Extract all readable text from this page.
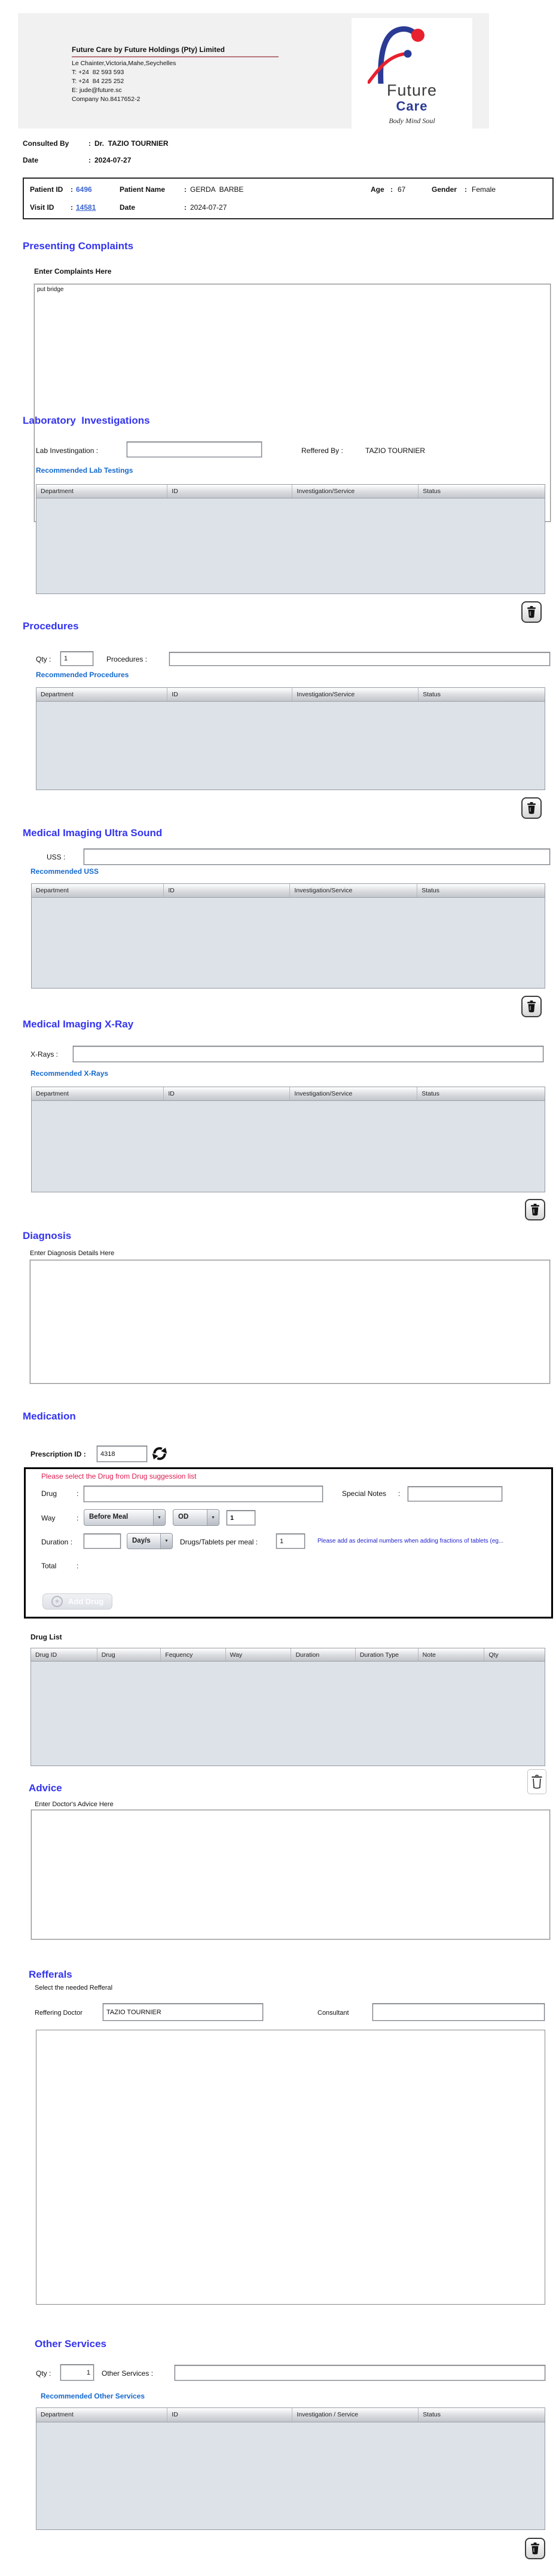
Future Care by Future Holdings (Pty) Limited
Le Chainter,Victoria,Mahe,Seychelles
T: +24  82 593 593
T: +24  84 225 252
E: jude@future.sc
Company No.8417652-2	Future
Care
Body Mind Soul
Consulted By	: Dr.  TAZIO TOURNIER
Date	: 2024-07-27
Patient ID : 6496	Patient Name	: GERDA  BARBE	Age : 67	Gender : Female
Visit ID : 14581	Date	: 2024-07-27
Presenting Complaints
Enter Complaints Here
put bridge
Laboratory  Investigations
Lab Investingation :	Reffered By :	TAZIO TOURNIER
Recommended Lab Testings
Department	ID	Investigation/Service	Status
Procedures
Qty :
1	Procedures :
Recommended Procedures
Department	ID	Investigation/Service	Status
Medical Imaging Ultra Sound
USS :
Recommended USS
Department	ID	Investigation/Service	Status
Medical Imaging X-Ray
X-Rays :
Recommended X-Rays
Department	ID	Investigation/Service	Status
Diagnosis
Enter Diagnosis Details Here
Medication
Prescription ID :
4318
Please select the Drug from Drug suggession list
Drug	:	Special Notes :
Way	:	Before Meal	▼	OD	▼
1
Duration :	Day/s	▼	Drugs/Tablets per meal :
1	Please add as decimal numbers when adding fractions of tablets (eg...
Total	:
+	Add Drug
Drug List
Drug ID	Drug	Fequency	Way	Duration	Duration Type	Note	Qty
Advice
Enter Doctor's Advice Here
Refferals
Select the needed Refferal
Reffering Doctor
TAZIO TOURNIER	Consultant
Other Services
Qty :
1	Other Services :
Recommended Other Services
Department	ID	Investigation / Service	Status
